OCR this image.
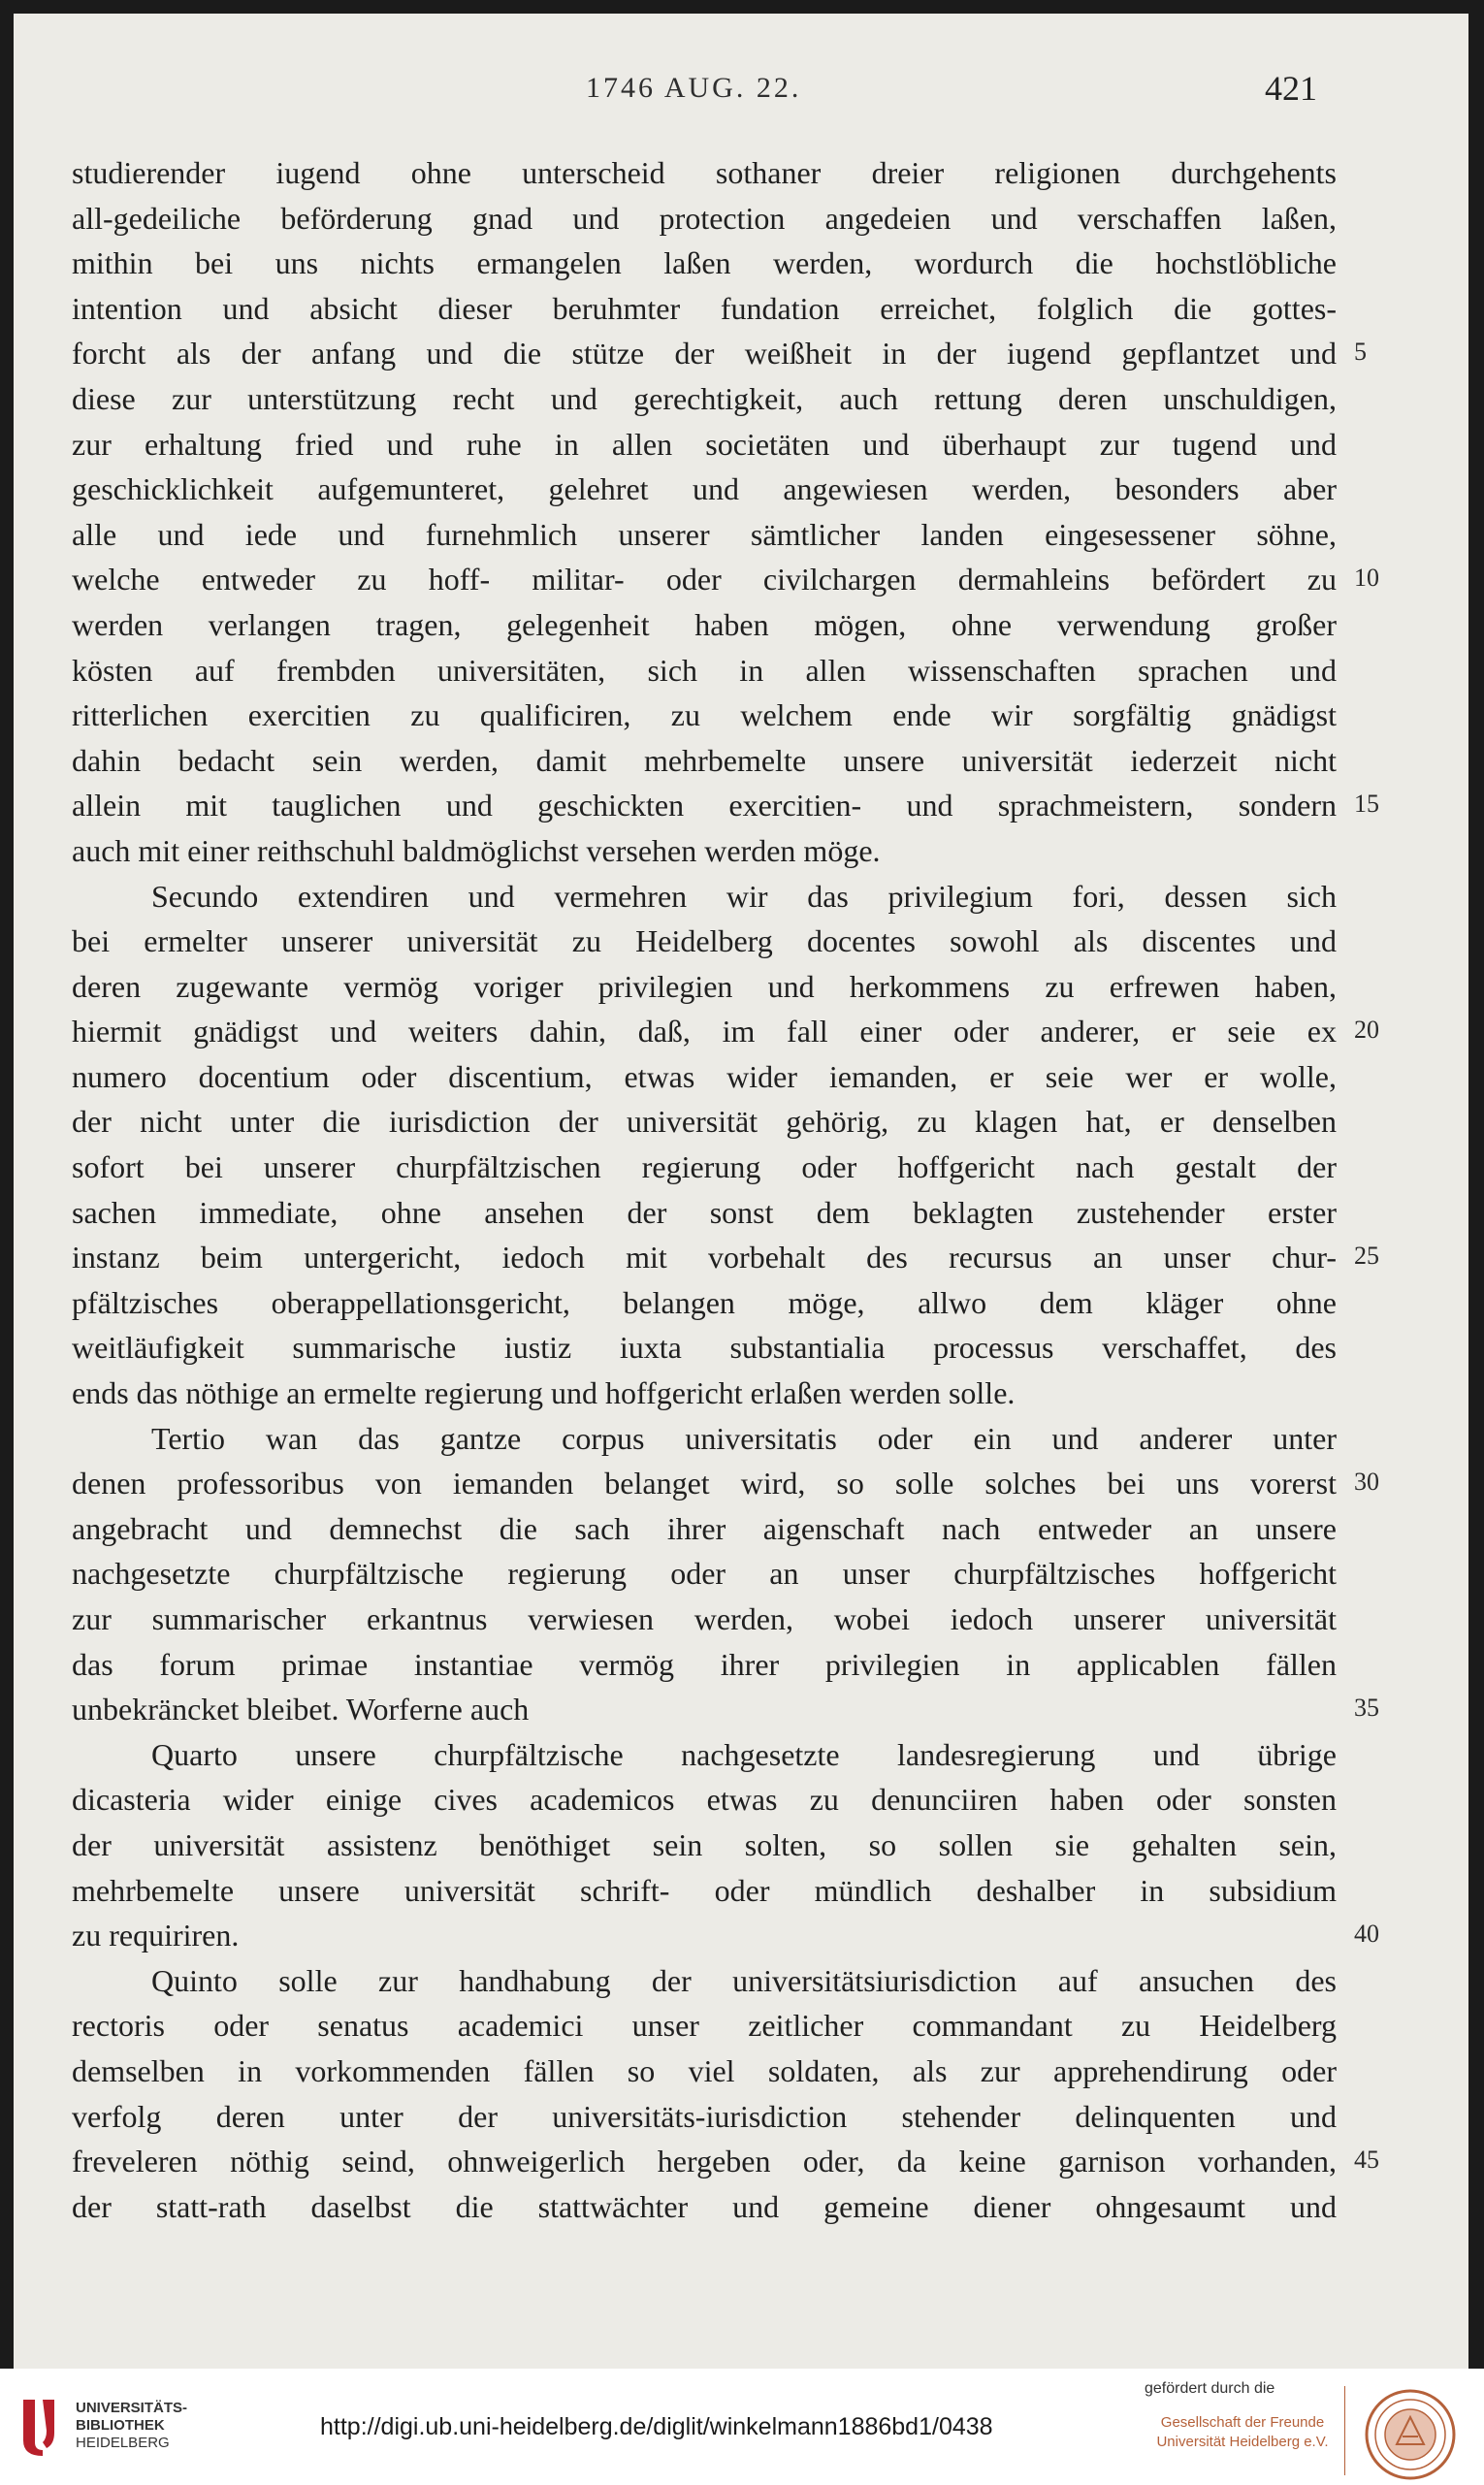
1746 AUG. 22.	421
studierender iugend ohne unterscheid sothaner dreier religionen durchgehents
all-gedeiliche beförderung gnad und protection angedeien und verschaffen laßen,
mithin bei uns nichts ermangelen laßen werden, wordurch die hochstlöbliche
intention und absicht dieser beruhmter fundation erreichet, folglich die gottes-
forcht als der anfang und die stütze der weißheit in der iugend gepflantzet und 5
diese zur unterstützung recht und gerechtigkeit, auch rettung deren unschuldigen,
zur erhaltung fried und ruhe in allen societäten und überhaupt zur tugend und
geschicklichkeit aufgemunteret, gelehret und angewiesen werden, besonders aber
alle und iede und furnehmlich unserer sämtlicher landen eingesessener söhne,
welche entweder zu hoff- militar- oder civilchargen dermahleins befördert zu 10
werden verlangen tragen, gelegenheit haben mögen, ohne verwendung großer
kösten auf frembden universitäten, sich in allen wissenschaften sprachen und
ritterlichen exercitien zu qualificiren, zu welchem ende wir sorgfältig gnädigst
dahin bedacht sein werden, damit mehrbemelte unsere universität iederzeit nicht
allein mit tauglichen und geschickten exercitien- und sprachmeistern, sondern 15
auch mit einer reithschuhl baldmöglichst versehen werden möge.
Secundo extendiren und vermehren wir das privilegium fori, dessen sich
bei ermelter unserer universität zu Heidelberg docentes sowohl als discentes und
deren zugewante vermög voriger privilegien und herkommens zu erfrewen haben,
hiermit gnädigst und weiters dahin, daß, im fall einer oder anderer, er seie ex 20
numero docentium oder discentium, etwas wider iemanden, er seie wer er wolle,
der nicht unter die iurisdiction der universität gehörig, zu klagen hat, er denselben
sofort bei unserer churpfältzischen regierung oder hoffgericht nach gestalt der
sachen immediate, ohne ansehen der sonst dem beklagten zustehender erster
instanz beim untergericht, iedoch mit vorbehalt des recursus an unser chur- 25
pfältzisches oberappellationsgericht, belangen möge, allwo dem kläger ohne
weitläufigkeit summarische iustiz iuxta substantialia processus verschaffet, des
ends das nöthige an ermelte regierung und hoffgericht erlaßen werden solle.
Tertio wan das gantze corpus universitatis oder ein und anderer unter
denen professoribus von iemanden belanget wird, so solle solches bei uns vorerst 30
angebracht und demnechst die sach ihrer aigenschaft nach entweder an unsere
nachgesetzte churpfältzische regierung oder an unser churpfältzisches hoffgericht
zur summarischer erkantnus verwiesen werden, wobei iedoch unserer universität
das forum primae instantiae vermög ihrer privilegien in applicablen fällen
unbekräncket bleibet. Worferne auch	35
Quarto unsere churpfältzische nachgesetzte landesregierung und übrige
dicasteria wider einige cives academicos etwas zu denunciiren haben oder sonsten
der universität assistenz benöthiget sein solten, so sollen sie gehalten sein,
mehrbemelte unsere universität schrift- oder mündlich deshalber in subsidium
zu requiriren.	40
Quinto solle zur handhabung der universitätsiurisdiction auf ansuchen des
rectoris oder senatus academici unser zeitlicher commandant zu Heidelberg
demselben in vorkommenden fällen so viel soldaten, als zur apprehendirung oder
verfolg deren unter der universitäts-iurisdiction stehender delinquenten und
freveleren nöthig seind, ohnweigerlich hergeben oder, da keine garnison vorhanden, 45
der statt-rath daselbst die stattwächter und gemeine diener ohngesaumt und
UNIVERSITÄTS-
BIBLIOTHEK
HEIDELBERG
http://digi.ub.uni-heidelberg.de/diglit/winkelmann1886bd1/0438
gefördert durch die
Gesellschaft der Freunde
Universität Heidelberg e.V.
